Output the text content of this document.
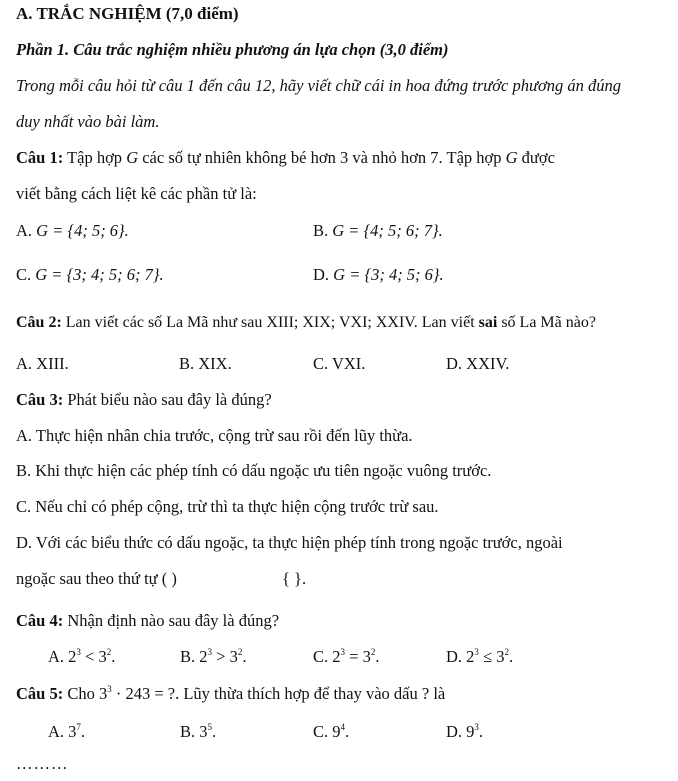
A. TRẮC NGHIỆM (7,0 điểm)
Phần 1. Câu trắc nghiệm nhiều phương án lựa chọn (3,0 điểm)
Trong mỗi câu hỏi từ câu 1 đến câu 12, hãy viết chữ cái in hoa đứng trước phương án đúng
duy nhất vào bài làm.
Câu 1: Tập hợp G các số tự nhiên không bé hơn 3 và nhỏ hơn 7. Tập hợp G được
viết bằng cách liệt kê các phần tử là:
A. G = {4; 5; 6}.	B. G = {4; 5; 6; 7}.
C. G = {3; 4; 5; 6; 7}.	D. G = {3; 4; 5; 6}.
Câu 2: Lan viết các số La Mã như sau XIII; XIX; VXI; XXIV. Lan viết sai số La Mã nào?
A. XIII.	B. XIX.	C. VXI.	D. XXIV.
Câu 3: Phát biểu nào sau đây là đúng?
A. Thực hiện nhân chia trước, cộng trừ sau rồi đến lũy thừa.
B. Khi thực hiện các phép tính có dấu ngoặc ưu tiên ngoặc vuông trước.
C. Nếu chỉ có phép cộng, trừ thì ta thực hiện cộng trước trừ sau.
D. Với các biểu thức có dấu ngoặc, ta thực hiện phép tính trong ngoặc trước, ngoài
ngoặc sau theo thứ tự ( )	{ }.
Câu 4: Nhận định nào sau đây là đúng?
A. $2^3 < 3^2$.	B. $2^3 > 3^2$.	C. $2^3 = 3^2$.	D. $2^3 \le 3^2$.
Câu 5: Cho $3^3 \cdot 243$ = ?. Lũy thừa thích hợp để thay vào dấu ? là
A. $3^7$.	B. $3^5$.	C. $9^4$.	D. $9^3$.
………
